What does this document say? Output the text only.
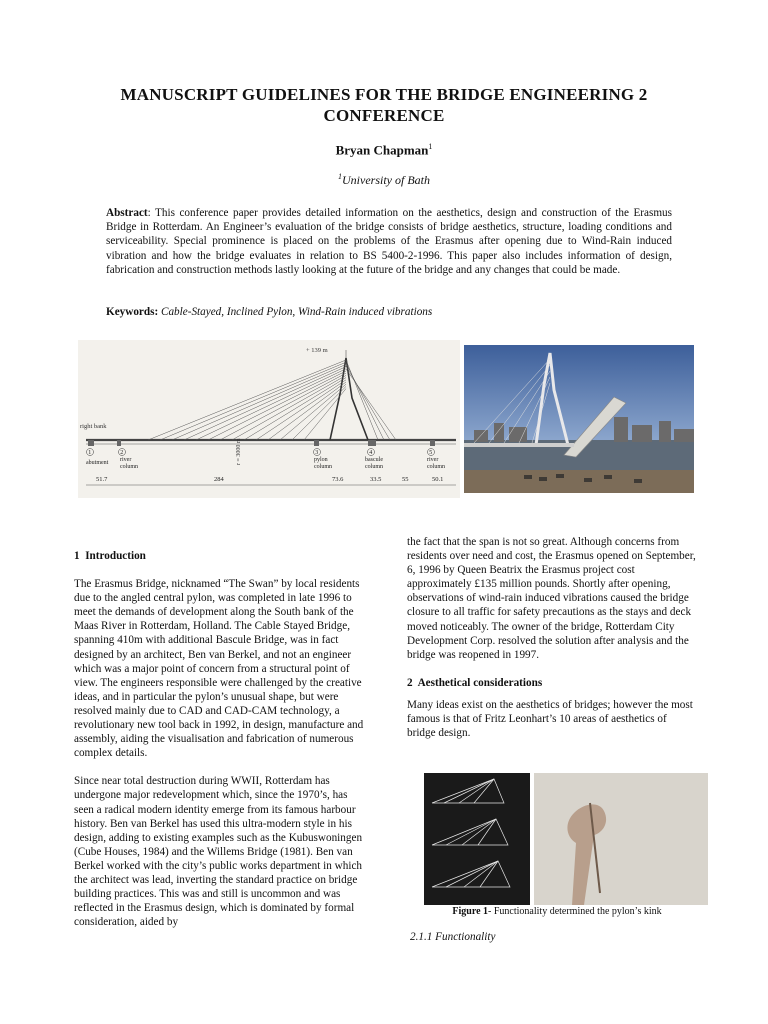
MANUSCRIPT GUIDELINES FOR THE BRIDGE ENGINEERING 2
CONFERENCE
Bryan Chapman$^1$
$^1$University of Bath
Abstract: This conference paper provides detailed information on the aesthetics, design and construction of the Erasmus Bridge in Rotterdam. An Engineer’s evaluation of the bridge consists of bridge aesthetics, structure, loading conditions and serviceability. Special prominence is placed on the problems of the Erasmus after opening due to Wind-Rain induced vibration and how the bridge evaluates in relation to BS 5400-2-1996. This paper also includes information of design, fabrication and construction methods lastly looking at the future of the bridge and any changes that could be made.
Keywords: Cable-Stayed, Inclined Pylon, Wind-Rain induced vibrations
+ 139 m
right bank
r = 3000 m
1
abutment
2
river
column
3
pylon
column
4
bascule
column
5
river
column
51.7	284	73.6	33.5	55	50.1
1 Introduction

The Erasmus Bridge, nicknamed “The Swan” by local residents due to the angled central pylon, was completed in late 1996 to meet the demands of development along the South bank of the Maas River in Rotterdam, Holland. The Cable Stayed Bridge, spanning 410m with additional Bascule Bridge, was in fact designed by an architect, Ben van Berkel, and not an engineer which was a major point of concern from a structural point of view. The engineers responsible were challenged by the creative ideas, and in particular the pylon’s unusual shape, but were resolved mainly due to CAD and CAD-CAM technology, a revolutionary new tool back in 1992, in design, manufacture and assembly, aiding the visualisation and fabrication of numerous complex details.

Since near total destruction during WWII, Rotterdam has undergone major redevelopment which, since the 1970’s, has seen a radical modern identity emerge from its famous harbour history. Ben van Berkel has used this ultra-modern style in his design, adding to existing examples such as the Kubuswoningen (Cube Houses, 1984) and the Willems Bridge (1981). Ben van Berkel worked with the city’s public works department in which the architect was lead, inverting the standard practice on bridge building practices. This was and still is uncommon and was reflected in the Erasmus design, which is dominated by formal consideration, aided by

the fact that the span is not so great. Although concerns from residents over need and cost, the Erasmus opened on September, 6, 1996 by Queen Beatrix the Erasmus project cost approximately £135 million pounds. Shortly after opening, observations of wind-rain induced vibrations caused the bridge closure to all traffic for safety precautions as the stays and deck moved noticeably. The owner of the bridge, Rotterdam City Development Corp. resolved the solution after analysis and the bridge was reopened in 1997.

2 Aesthetical considerations

Many ideas exist on the aesthetics of bridges; however the most famous is that of Fritz Leonhart’s 10 areas of aesthetics of bridge design.

Figure 1- Functionality determined the pylon’s kink
2.1.1 Functionality
